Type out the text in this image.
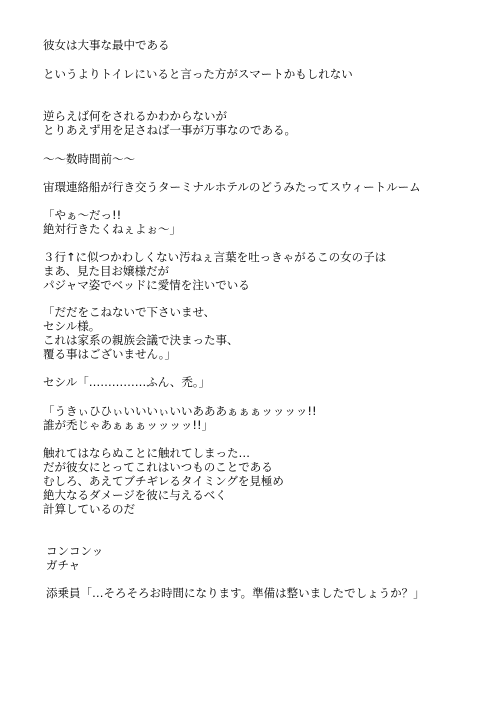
彼女は大事な最中である

というよりトイレにいると言った方がスマートかもしれない

逆らえば何をされるかわからないが

とりあえず用を足さねば一事が万事なのである。

～～数時間前～～

宙環連絡船が行き交うターミナルホテルのどうみたってスウィートルーム

「やぁ～だっ!!

絶対行きたくねぇよぉ～」

３行↑に似つかわしくない汚ねぇ言葉を吐っきゃがるこの女の子は

まあ、見た目お嬢様だが

パジャマ姿でベッドに愛情を注いでいる

「だだをこねないで下さいませ、

セシル様。

これは家系の親族会議で決まった事、

覆る事はございません。」

セシル「……………ふん、禿。」

「うきぃひひぃいいいぃいいあああぁぁぁッッッッ!!

誰が禿じゃあぁぁぁッッッッ!!」

触れてはならぬことに触れてしまった…

だが彼女にとってこれはいつものことである

むしろ、あえてブチギレるタイミングを見極め

絶大なるダメージを彼に与えるべく

計算しているのだ

コンコンッ

ガチャ

添乗員「…そろそろお時間になります。準備は整いましたでしょうか？」
